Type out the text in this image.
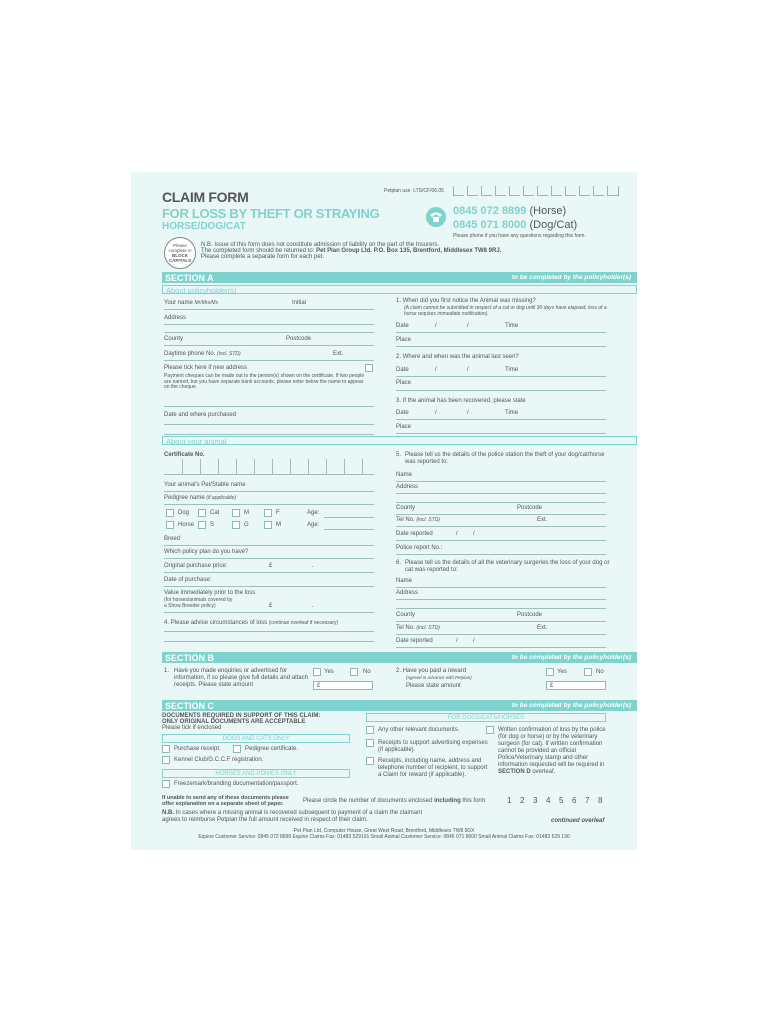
CLAIM FORM
FOR LOSS BY THEFT OR STRAYING
HORSE/DOG/CAT
Petplan use LTS/CF/06.05
0845 072 8899 (Horse)
0845 071 8000 (Dog/Cat)
Please phone if you have any questions regarding this form.
Please
complete in
BLOCK
CAPITALS
N.B. Issue of this form does not constitute admission of liability on the part of the Insurers.
The completed form should be returned to: Pet Plan Group Ltd. P.O. Box 135, Brentford, Middlesex TW8 9RJ.
Please complete a separate form for each pet.
SECTION A	to be completed by the policyholder(s)
About policyholder(s)
Your name Mr/Mrs/Ms	Initial
Address
County	Postcode
Daytime phone No. (incl. STD)	Ext.
Please tick here if new address
Payment cheques can be made out to the person(s) shown on the certificate. If two people are named, but you have separate bank accounts, please enter below the name to appear on the cheque.
Date and where purchased
1. When did you first notice the Animal was missing?
(A claim cannot be submitted in respect of a cat or dog until 30 days have elapsed, loss of a horse requires immediate notification).
Date	/	/	Time
Place
2. Where and when was the animal last seen?
Date	/	/	Time
Place
3. If the animal has been recovered, please state
Date	/	/	Time
Place
About your animal
Certificate No.
Your animal's Pet/Stable name
Pedigree name (if applicable)
Dog	Cat	M	F	Age:
Horse	S	G	M	Age:
Breed
Which policy plan do you have?
Original purchase price:	£	.
Date of purchase:
Value immediately prior to the loss
(for horses/animals covered by
a Show Breeder policy)	£	.
4. Please advise circumstances of loss (continue overleaf if necessary)
5. Please tell us the details of the police station the theft of your dog/cat/horse was reported to:
Name
Address
County	Postcode
Tel No. (incl. STD)	Ext.
Date reported	/	/
Police report No.:
6. Please tell us the details of all the veterinary surgeries the loss of your dog or cat was reported to:
Name
Address
County	Postcode
Tel No. (incl. STD)	Ext.
Date reported	/	/
SECTION B	to be completed by the policyholder(s)
1. Have you made enquiries or advertised for information, if so please give full details and attach receipts. Please state amount
Yes	No
£
2. Have you paid a reward
(agreed in advance with Petplan)
Please state amount
Yes	No
£
SECTION C	to be completed by the policyholder(s)
DOCUMENTS REQUIRED IN SUPPORT OF THIS CLAIM:
ONLY ORIGINAL DOCUMENTS ARE ACCEPTABLE
Please tick if enclosed
DOGS AND CATS ONLY
Purchase receipt.	Pedigree certificate.
Kennel Club/G.C.C.F registration.
HORSES AND PONIES ONLY
Freezemark/branding documentation/passport.
FOR DOGS/CATS/HORSES
Any other relevant documents.
Receipts to support advertising expenses (if applicable).
Receipts, including name, address and telephone number of recipient, to support a Claim for reward (if applicable).
Written confirmation of loss by the police (for dog or horse) or by the veterinary surgeon (for cat). If written confirmation cannot be provided an official Police/Veterinary stamp and other information requested will be required in SECTION D overleaf.
If unable to send any of these documents please offer explanation on a separate sheet of paper.	Please circle the number of documents enclosed including this form	1 2 3 4 5 6 7 8
N.B. In cases where a missing animal is recovered subsequent to payment of a claim the claimant agrees to reimburse Petplan the full amount received in respect of their claim.	continued overleaf
Pet Plan Ltd, Computer House, Great West Road, Brentford, Middlesex TW8 9DX
Equine Customer Service: 0845 072 8899 Equine Claims Fax: 01483 529191 Small Animal Customer Service: 0845 071 8000 Small Animal Claims Fax: 01483 529 190
